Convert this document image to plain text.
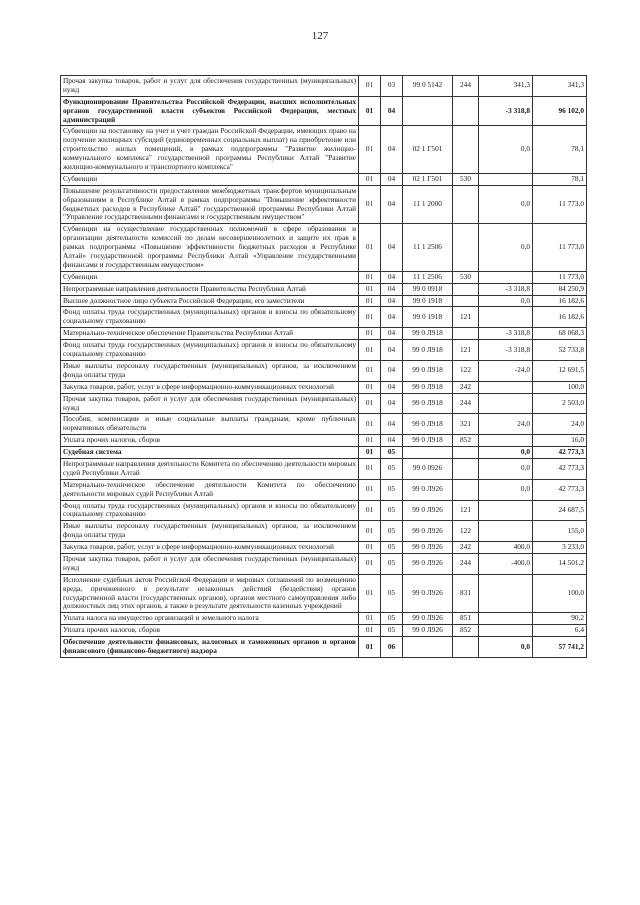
127
Прочая закупка товаров, работ и услуг для обеспечения государственных (муниципальных) нужд	01	03	99 0 5142	244	341,3	341,3
Функционирование Правительства Российской Федерации, высших исполнительных органов государственной власти субъектов Российской Федерации, местных администраций	01	04			-3 318,8	96 102,0
Субвенции на постановку на учет и учет граждан Российской Федерации, имеющих право на получение жилищных субсидий (единовременных социальных выплат) на приобретение или строительство жилых помещений, в рамках подпрограммы "Развитие жилищно-коммунального комплекса" государственной программы Республики Алтай "Развитие жилищно-коммунального и транспортного комплекса"	01	04	02 1 Г501		0,0	78,1
Субвенции	01	04	02 1 Г501	530		78,1
Повышение результативности предоставления межбюджетных трансфертов муниципальным образованиям в Республике Алтай в рамках подпрограммы "Повышение эффективности бюджетных расходов в Республике Алтай" государственной программы Республики Алтай "Управление государственными финансами и государственным имуществом"	01	04	11 1 2000		0,0	11 773,0
Субвенции на осуществление государственных полномочий в сфере образования и организации деятельности комиссий по делам несовершеннолетних и защите их прав в рамках подпрограммы «Повышение эффективности бюджетных расходов в Республике Алтай» государственной программы Республики Алтай «Управление государственными финансами и государственным имуществом»	01	04	11 1 2506		0,0	11 773,0
Субвенции	01	04	11 1 2506	530		11 773,0
Непрограммные направления деятельности Правительства Республики Алтай	01	04	99 0 0918		-3 318,8	84 250,9
Высшее должностное лицо субъекта Российской Федерации, его заместители	01	04	99 0 1918		0,0	16 182,6
Фонд оплаты труда государственных (муниципальных) органов и взносы по обязательному социальному страхованию	01	04	99 0 1918	121		16 182,6
Материально-техническое обеспечение Правительства Республики Алтай	01	04	99 0 Л918		-3 318,8	68 068,3
Фонд оплаты труда государственных (муниципальных) органов и взносы по обязательному социальному страхованию	01	04	99 0 Л918	121	-3 318,8	52 733,8
Иные выплаты персоналу государственных (муниципальных) органов, за исключением фонда оплаты труда	01	04	99 0 Л918	122	-24,0	12 691,5
Закупка товаров, работ, услуг в сфере информационно-коммуникационных технологий	01	04	99 0 Л918	242		100,0
Прочая закупка товаров, работ и услуг для обеспечения государственных (муниципальных) нужд	01	04	99 0 Л918	244		2 503,0
Пособия, компенсации и иные социальные выплаты гражданам, кроме публичных нормативных обязательств	01	04	99 0 Л918	321	24,0	24,0
Уплата прочих налогов, сборов	01	04	99 0 Л918	852		16,0
Судебная система	01	05			0,0	42 773,3
Непрограммные направления деятельности Комитета по обеспечению деятельности мировых судей Республики Алтай	01	05	99 0 0926		0,0	42 773,3
Материально-техническое обеспечение деятельности Комитета по обеспечению деятельности мировых судей Республики Алтай	01	05	99 0 Л926		0,0	42 773,3
Фонд оплаты труда государственных (муниципальных) органов и взносы по обязательному социальному страхованию	01	05	99 0 Л926	121		24 687,5
Иные выплаты персоналу государственных (муниципальных) органов, за исключением фонда оплаты труда	01	05	99 0 Л926	122		155,0
Закупка товаров, работ, услуг в сфере информационно-коммуникационных технологий	01	05	99 0 Л926	242	400,0	3 233,0
Прочая закупка товаров, работ и услуг для обеспечения государственных (муниципальных) нужд	01	05	99 0 Л926	244	-400,0	14 501,2
Исполнение судебных актов Российской Федерации и мировых соглашений по возмещению вреда, причиненного в результате незаконных действий (бездействия) органов государственной власти (государственных органов), органов местного самоуправления либо должностных лиц этих органов, а также в результате деятельности казенных учреждений	01	05	99 0 Л926	831		100,0
Уплата налога на имущество организаций и земельного налога	01	05	99 0 Л926	851		90,2
Уплата прочих налогов, сборов	01	05	99 0 Л926	852		6,4
Обеспечение деятельности финансовых, налоговых и таможенных органов и органов финансового (финансово-бюджетного) надзора	01	06			0,0	57 741,2
